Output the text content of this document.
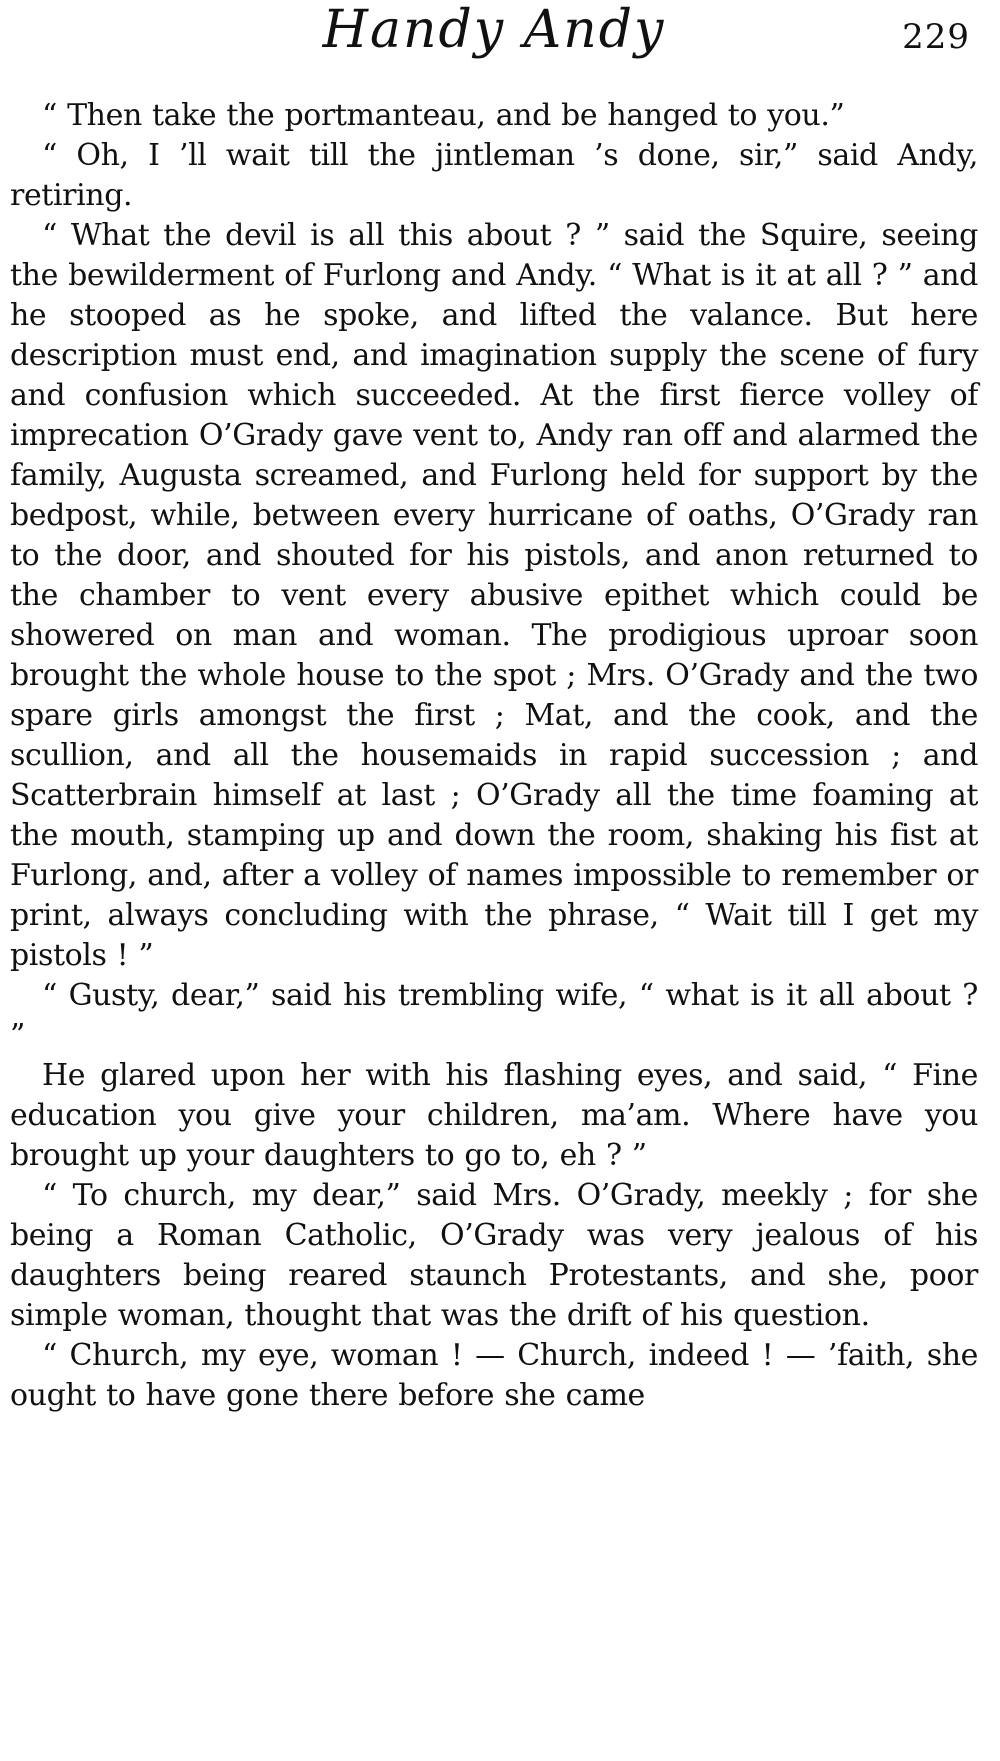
Handy Andy	229

“ Then take the portmanteau, and be hanged to you.”

“ Oh, I ’ll wait till the jintleman ’s done, sir,” said Andy, retiring.

“ What the devil is all this about ? ” said the Squire, seeing the bewilderment of Furlong and Andy. “ What is it at all ? ” and he stooped as he spoke, and lifted the valance. But here description must end, and imagination supply the scene of fury and confusion which succeeded. At the first fierce volley of imprecation O’Grady gave vent to, Andy ran off and alarmed the family, Augusta screamed, and Furlong held for support by the bedpost, while, between every hurricane of oaths, O’Grady ran to the door, and shouted for his pistols, and anon returned to the chamber to vent every abusive epithet which could be showered on man and woman. The prodigious uproar soon brought the whole house to the spot ; Mrs. O’Grady and the two spare girls amongst the first ; Mat, and the cook, and the scullion, and all the housemaids in rapid succession ; and Scatterbrain himself at last ; O’Grady all the time foaming at the mouth, stamping up and down the room, shaking his fist at Furlong, and, after a volley of names impossible to remember or print, always concluding with the phrase, “ Wait till I get my pistols ! ”

“ Gusty, dear,” said his trembling wife, “ what is it all about ? ”

He glared upon her with his flashing eyes, and said, “ Fine education you give your children, ma’am. Where have you brought up your daughters to go to, eh ? ”

“ To church, my dear,” said Mrs. O’Grady, meekly ; for she being a Roman Catholic, O’Grady was very jealous of his daughters being reared staunch Protestants, and she, poor simple woman, thought that was the drift of his question.

“ Church, my eye, woman ! — Church, indeed ! — ’faith, she ought to have gone there before she came
